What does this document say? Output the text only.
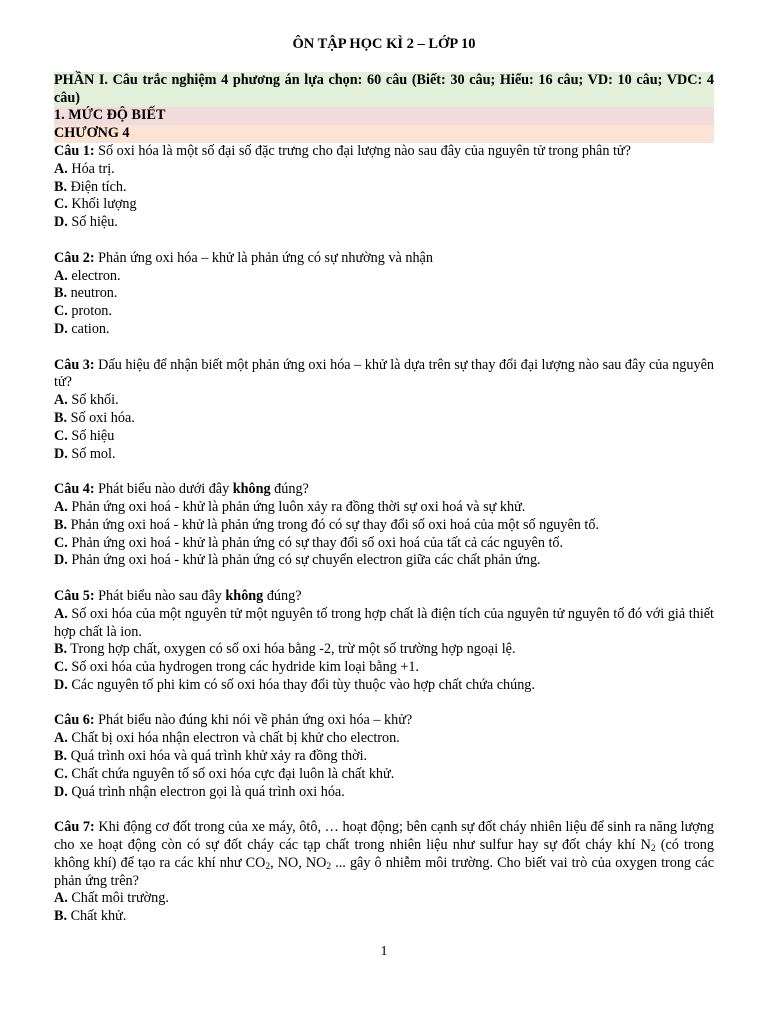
ÔN TẬP HỌC KÌ 2 – LỚP 10
PHẦN I. Câu trắc nghiệm 4 phương án lựa chọn: 60 câu (Biết: 30 câu; Hiểu: 16 câu; VD: 10 câu; VDC: 4 câu)
1. MỨC ĐỘ BIẾT
CHƯƠNG 4
Câu 1: Số oxi hóa là một số đại số đặc trưng cho đại lượng nào sau đây của nguyên tử trong phân tử?
A. Hóa trị.
B. Điện tích.
C. Khối lượng
D. Số hiệu.
Câu 2: Phản ứng oxi hóa – khử là phản ứng có sự nhường và nhận
A. electron.
B. neutron.
C. proton.
D. cation.
Câu 3: Dấu hiệu để nhận biết một phản ứng oxi hóa – khử là dựa trên sự thay đổi đại lượng nào sau đây của nguyên tử?
A. Số khối.
B. Số oxi hóa.
C. Số hiệu
D. Số mol.
Câu 4: Phát biểu nào dưới đây không đúng?
A. Phản ứng oxi hoá - khử là phản ứng luôn xảy ra đồng thời sự oxi hoá và sự khử.
B. Phản ứng oxi hoá - khử là phản ứng trong đó có sự thay đổi số oxi hoá của một số nguyên tố.
C. Phản ứng oxi hoá - khử là phản ứng có sự thay đổi số oxi hoá của tất cả các nguyên tố.
D. Phản ứng oxi hoá - khử là phản ứng có sự chuyển electron giữa các chất phản ứng.
Câu 5: Phát biểu nào sau đây không đúng?
A. Số oxi hóa của một nguyên tử một nguyên tố trong hợp chất là điện tích của nguyên tử nguyên tố đó với giả thiết hợp chất là ion.
B. Trong hợp chất, oxygen có số oxi hóa bằng -2, trừ một số trường hợp ngoại lệ.
C. Số oxi hóa của hydrogen trong các hydride kim loại bằng +1.
D. Các nguyên tố phi kim có số oxi hóa thay đổi tùy thuộc vào hợp chất chứa chúng.
Câu 6: Phát biểu nào đúng khi nói về phản ứng oxi hóa – khử?
A. Chất bị oxi hóa nhận electron và chất bị khử cho electron.
B. Quá trình oxi hóa và quá trình khử xảy ra đồng thời.
C. Chất chứa nguyên tố số oxi hóa cực đại luôn là chất khử.
D. Quá trình nhận electron gọi là quá trình oxi hóa.
Câu 7: Khi động cơ đốt trong của xe máy, ôtô, … hoạt động; bên cạnh sự đốt cháy nhiên liệu để sinh ra năng lượng cho xe hoạt động còn có sự đốt cháy các tạp chất trong nhiên liệu như sulfur hay sự đốt cháy khí $N_2$ (có trong không khí) để tạo ra các khí như $CO_2$, NO, $NO_2$ ... gây ô nhiễm môi trường. Cho biết vai trò của oxygen trong các phản ứng trên?
A. Chất môi trường.
B. Chất khử.
1
